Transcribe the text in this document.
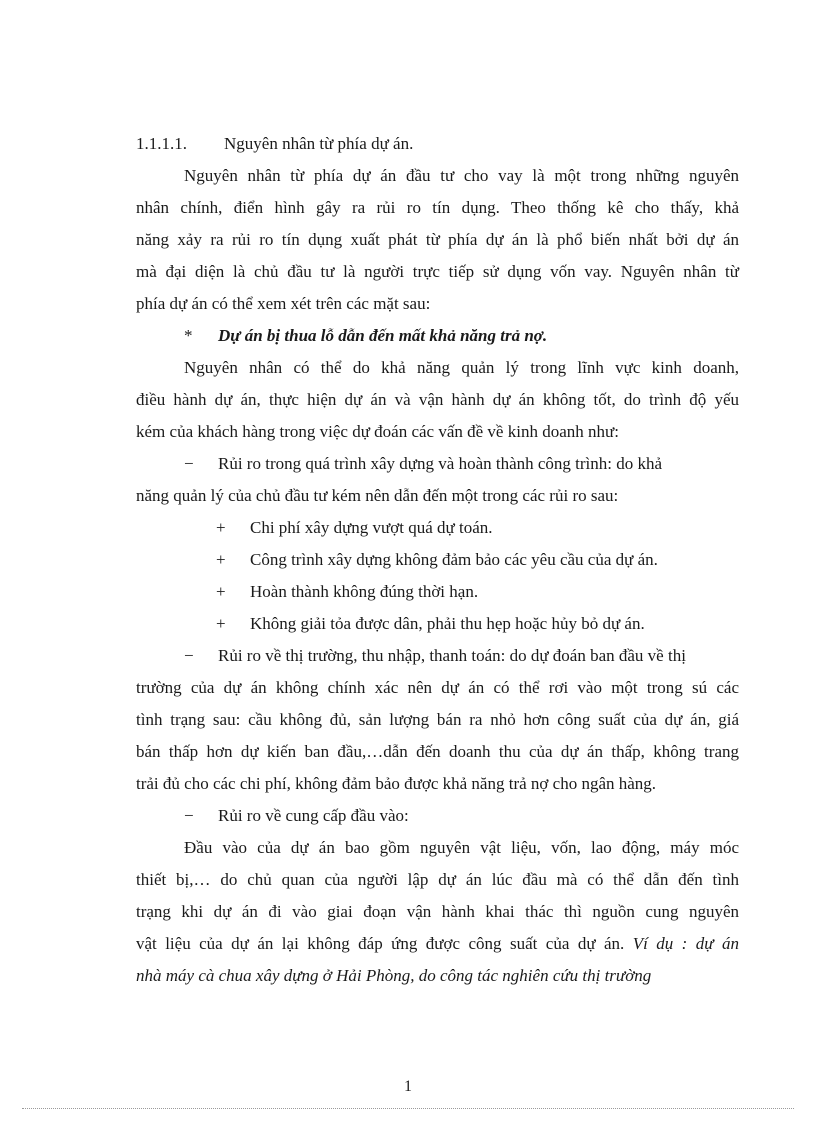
1.1.1.1. Nguyên nhân từ phía dự án.
Nguyên nhân từ phía dự án đầu tư cho vay là một trong những nguyên
nhân chính, điển hình gây ra rủi ro tín dụng. Theo thống kê cho thấy, khả
năng xảy ra rủi ro tín dụng xuất phát từ phía dự án là phổ biến nhất bởi dự án
mà đại diện là chủ đầu tư là người trực tiếp sử dụng vốn vay. Nguyên nhân từ
phía dự án có thể xem xét trên các mặt sau:
* Dự án bị thua lỗ dẫn đến mất khả năng trả nợ.
Nguyên nhân có thể do khả năng quản lý trong lĩnh vực kinh doanh,
điều hành dự án, thực hiện dự án và vận hành dự án không tốt, do trình độ yếu
kém của khách hàng trong việc dự đoán các vấn đề về kinh doanh như:
− Rủi ro trong quá trình xây dựng và hoàn thành công trình: do khả
năng quản lý của chủ đầu tư kém nên dẫn đến một trong các rủi ro sau:
+ Chi phí xây dựng vượt quá dự toán.
+ Công trình xây dựng không đảm bảo các yêu cầu của dự án.
+ Hoàn thành không đúng thời hạn.
+ Không giải tỏa được dân, phải thu hẹp hoặc hủy bỏ dự án.
− Rủi ro về thị trường, thu nhập, thanh toán: do dự đoán ban đầu về thị
trường của dự án không chính xác nên dự án có thể rơi vào một trong sú các
tình trạng sau: cầu không đủ, sản lượng bán ra nhỏ hơn công suất của dự án, giá
bán thấp hơn dự kiến ban đầu,…dẫn đến doanh thu của dự án thấp, không trang
trải đủ cho các chi phí, không đảm bảo được khả năng trả nợ cho ngân hàng.
− Rủi ro về cung cấp đầu vào:
Đầu vào của dự án bao gồm nguyên vật liệu, vốn, lao động, máy móc
thiết bị,… do chủ quan của người lập dự án lúc đầu mà có thể dẫn đến tình
trạng khi dự án đi vào giai đoạn vận hành khai thác thì nguồn cung nguyên
vật liệu của dự án lại không đáp ứng được công suất của dự án. Ví dụ : dự án
nhà máy cà chua xây dựng ở Hải Phòng, do công tác nghiên cứu thị trường
1
